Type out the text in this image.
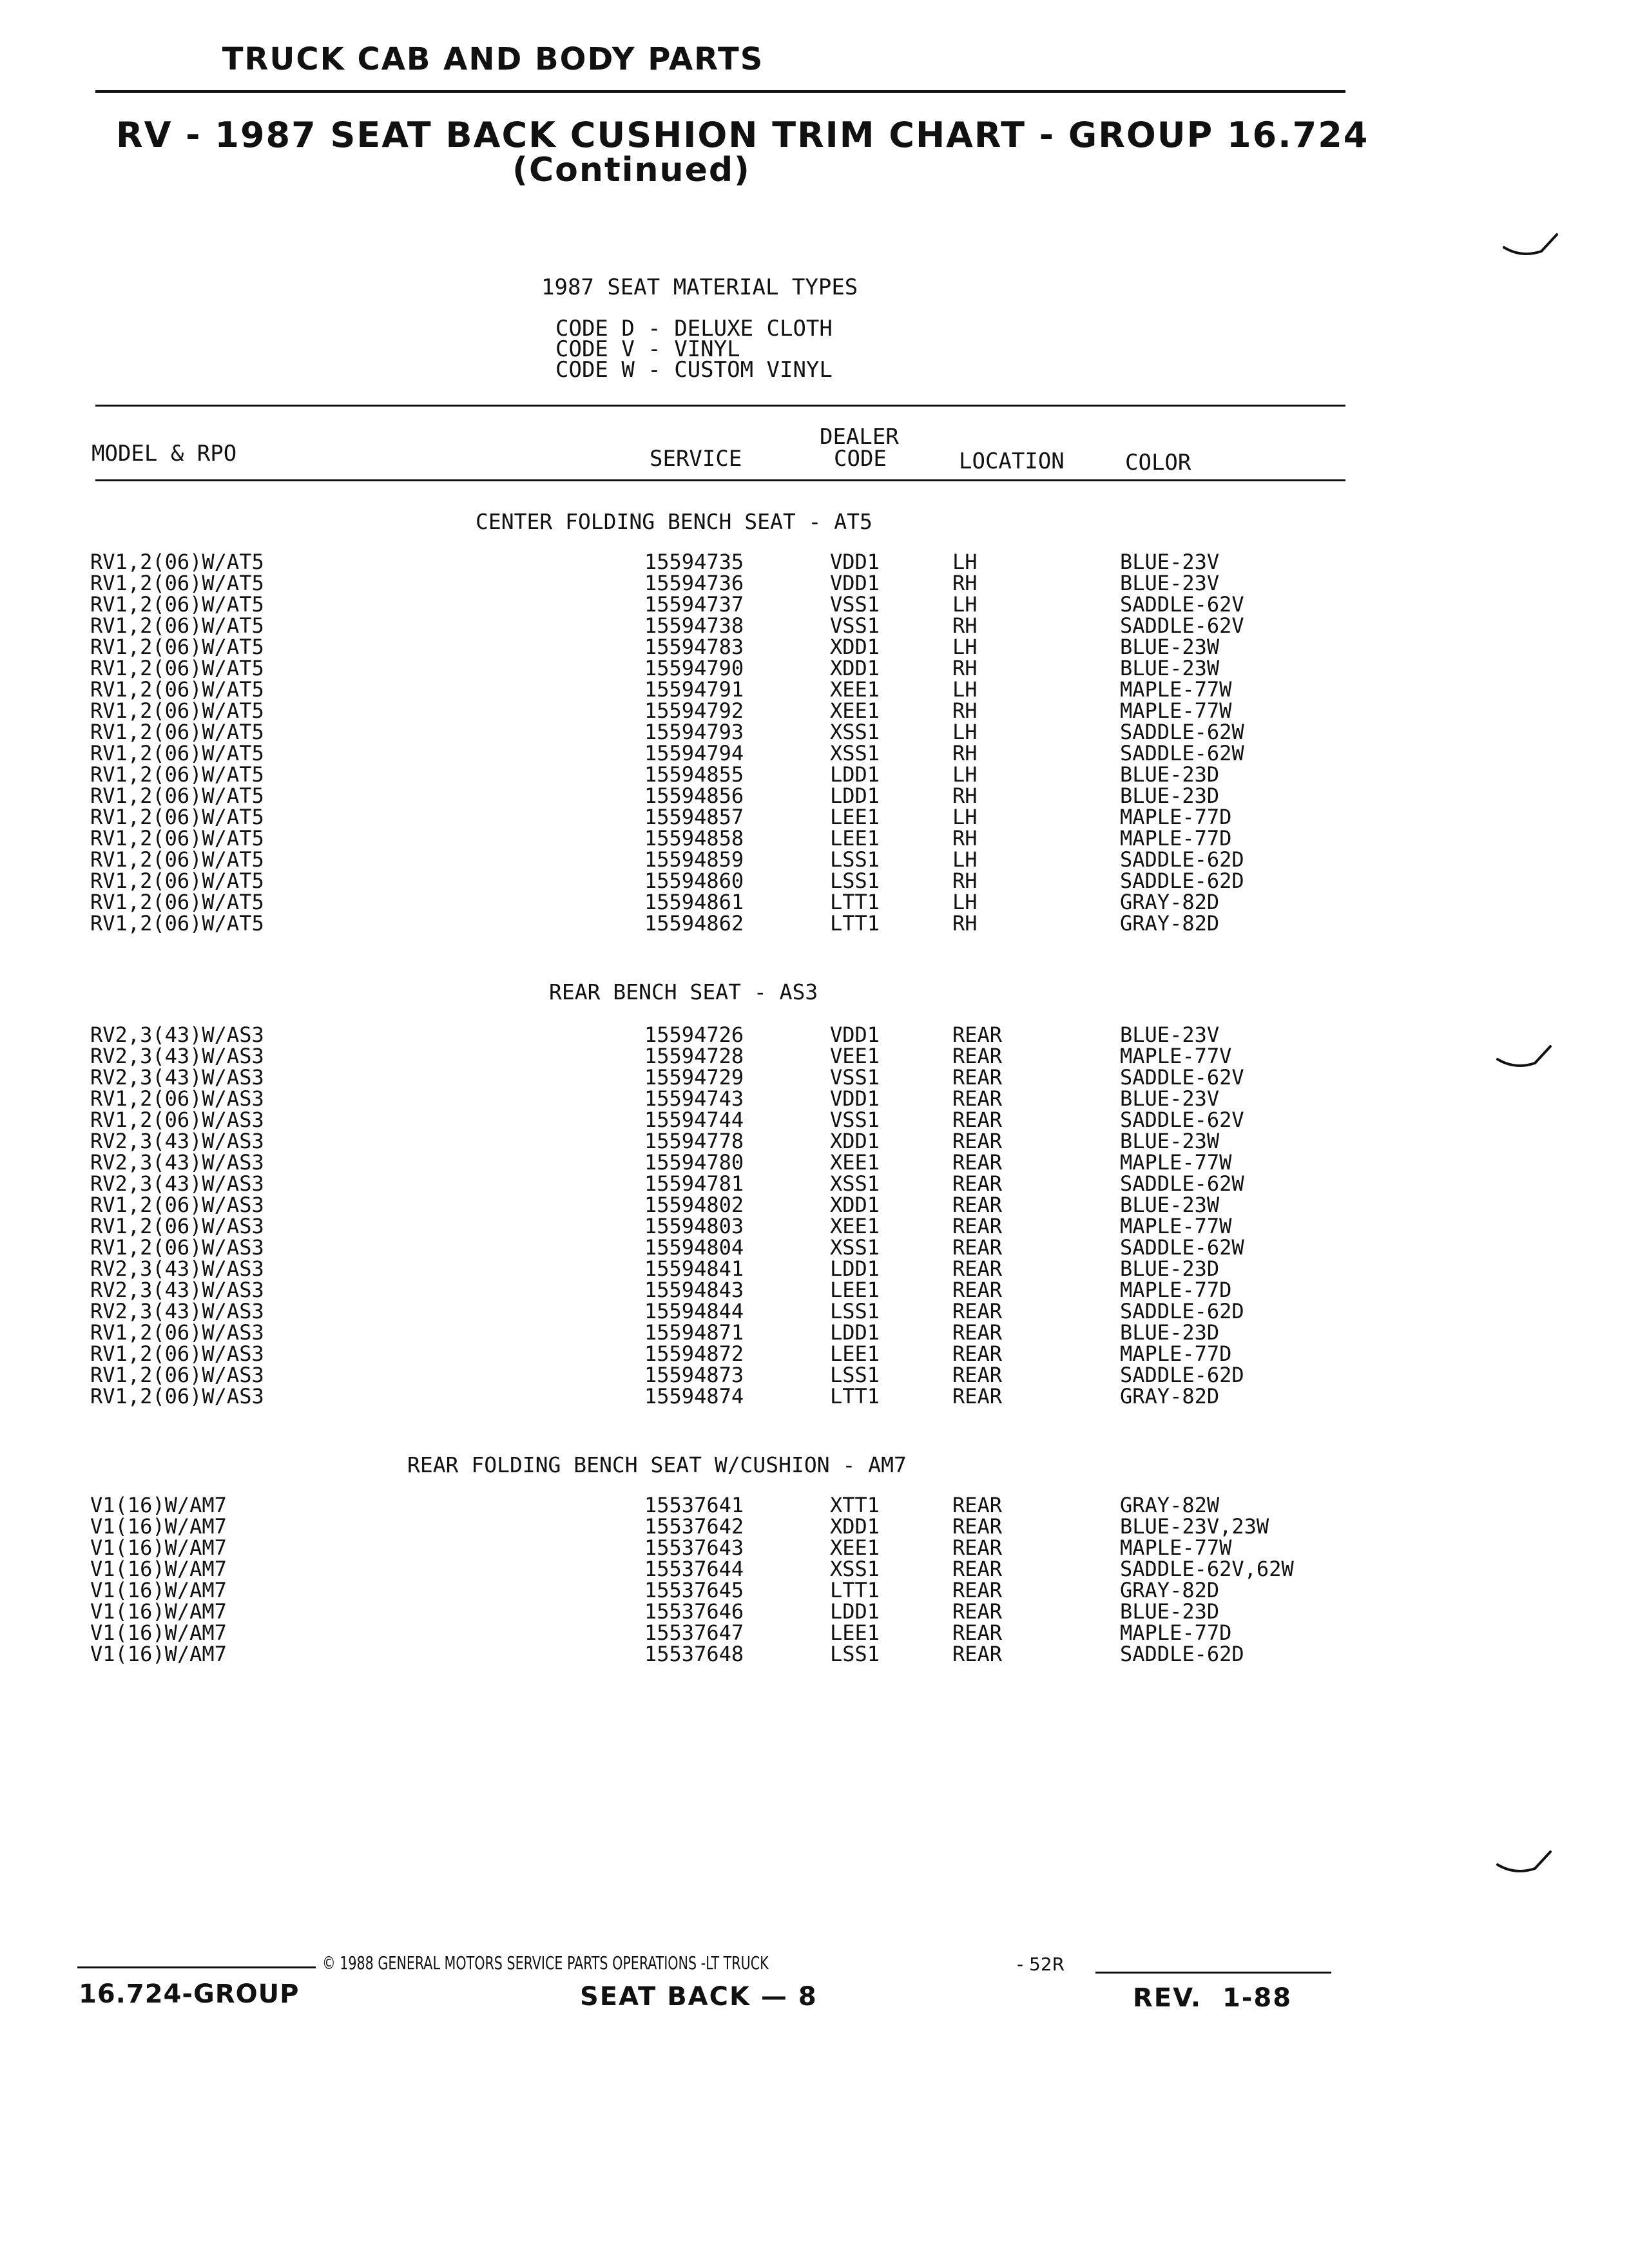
TRUCK CAB AND BODY PARTS
RV - 1987 SEAT BACK CUSHION TRIM CHART - GROUP 16.724
(Continued)
1987 SEAT MATERIAL TYPES
CODE D - DELUXE CLOTH
CODE V - VINYL
CODE W - CUSTOM VINYL
MODEL & RPO	SERVICE
DEALER
CODE	LOCATION	COLOR
CENTER FOLDING BENCH SEAT - AT5
RV1,2(06)W/AT5	15594735	VDD1	LH	BLUE-23V
RV1,2(06)W/AT5	15594736	VDD1	RH	BLUE-23V
RV1,2(06)W/AT5	15594737	VSS1	LH	SADDLE-62V
RV1,2(06)W/AT5	15594738	VSS1	RH	SADDLE-62V
RV1,2(06)W/AT5	15594783	XDD1	LH	BLUE-23W
RV1,2(06)W/AT5	15594790	XDD1	RH	BLUE-23W
RV1,2(06)W/AT5	15594791	XEE1	LH	MAPLE-77W
RV1,2(06)W/AT5	15594792	XEE1	RH	MAPLE-77W
RV1,2(06)W/AT5	15594793	XSS1	LH	SADDLE-62W
RV1,2(06)W/AT5	15594794	XSS1	RH	SADDLE-62W
RV1,2(06)W/AT5	15594855	LDD1	LH	BLUE-23D
RV1,2(06)W/AT5	15594856	LDD1	RH	BLUE-23D
RV1,2(06)W/AT5	15594857	LEE1	LH	MAPLE-77D
RV1,2(06)W/AT5	15594858	LEE1	RH	MAPLE-77D
RV1,2(06)W/AT5	15594859	LSS1	LH	SADDLE-62D
RV1,2(06)W/AT5	15594860	LSS1	RH	SADDLE-62D
RV1,2(06)W/AT5	15594861	LTT1	LH	GRAY-82D
RV1,2(06)W/AT5	15594862	LTT1	RH	GRAY-82D
REAR BENCH SEAT - AS3
RV2,3(43)W/AS3	15594726	VDD1	REAR	BLUE-23V
RV2,3(43)W/AS3	15594728	VEE1	REAR	MAPLE-77V
RV2,3(43)W/AS3	15594729	VSS1	REAR	SADDLE-62V
RV1,2(06)W/AS3	15594743	VDD1	REAR	BLUE-23V
RV1,2(06)W/AS3	15594744	VSS1	REAR	SADDLE-62V
RV2,3(43)W/AS3	15594778	XDD1	REAR	BLUE-23W
RV2,3(43)W/AS3	15594780	XEE1	REAR	MAPLE-77W
RV2,3(43)W/AS3	15594781	XSS1	REAR	SADDLE-62W
RV1,2(06)W/AS3	15594802	XDD1	REAR	BLUE-23W
RV1,2(06)W/AS3	15594803	XEE1	REAR	MAPLE-77W
RV1,2(06)W/AS3	15594804	XSS1	REAR	SADDLE-62W
RV2,3(43)W/AS3	15594841	LDD1	REAR	BLUE-23D
RV2,3(43)W/AS3	15594843	LEE1	REAR	MAPLE-77D
RV2,3(43)W/AS3	15594844	LSS1	REAR	SADDLE-62D
RV1,2(06)W/AS3	15594871	LDD1	REAR	BLUE-23D
RV1,2(06)W/AS3	15594872	LEE1	REAR	MAPLE-77D
RV1,2(06)W/AS3	15594873	LSS1	REAR	SADDLE-62D
RV1,2(06)W/AS3	15594874	LTT1	REAR	GRAY-82D
REAR FOLDING BENCH SEAT W/CUSHION - AM7
V1(16)W/AM7	15537641	XTT1	REAR	GRAY-82W
V1(16)W/AM7	15537642	XDD1	REAR	BLUE-23V,23W
V1(16)W/AM7	15537643	XEE1	REAR	MAPLE-77W
V1(16)W/AM7	15537644	XSS1	REAR	SADDLE-62V,62W
V1(16)W/AM7	15537645	LTT1	REAR	GRAY-82D
V1(16)W/AM7	15537646	LDD1	REAR	BLUE-23D
V1(16)W/AM7	15537647	LEE1	REAR	MAPLE-77D
V1(16)W/AM7	15537648	LSS1	REAR	SADDLE-62D
© 1988 GENERAL MOTORS SERVICE PARTS OPERATIONS -LT TRUCK	- 52R
16.724-GROUP	SEAT BACK — 8	REV.  1-88
